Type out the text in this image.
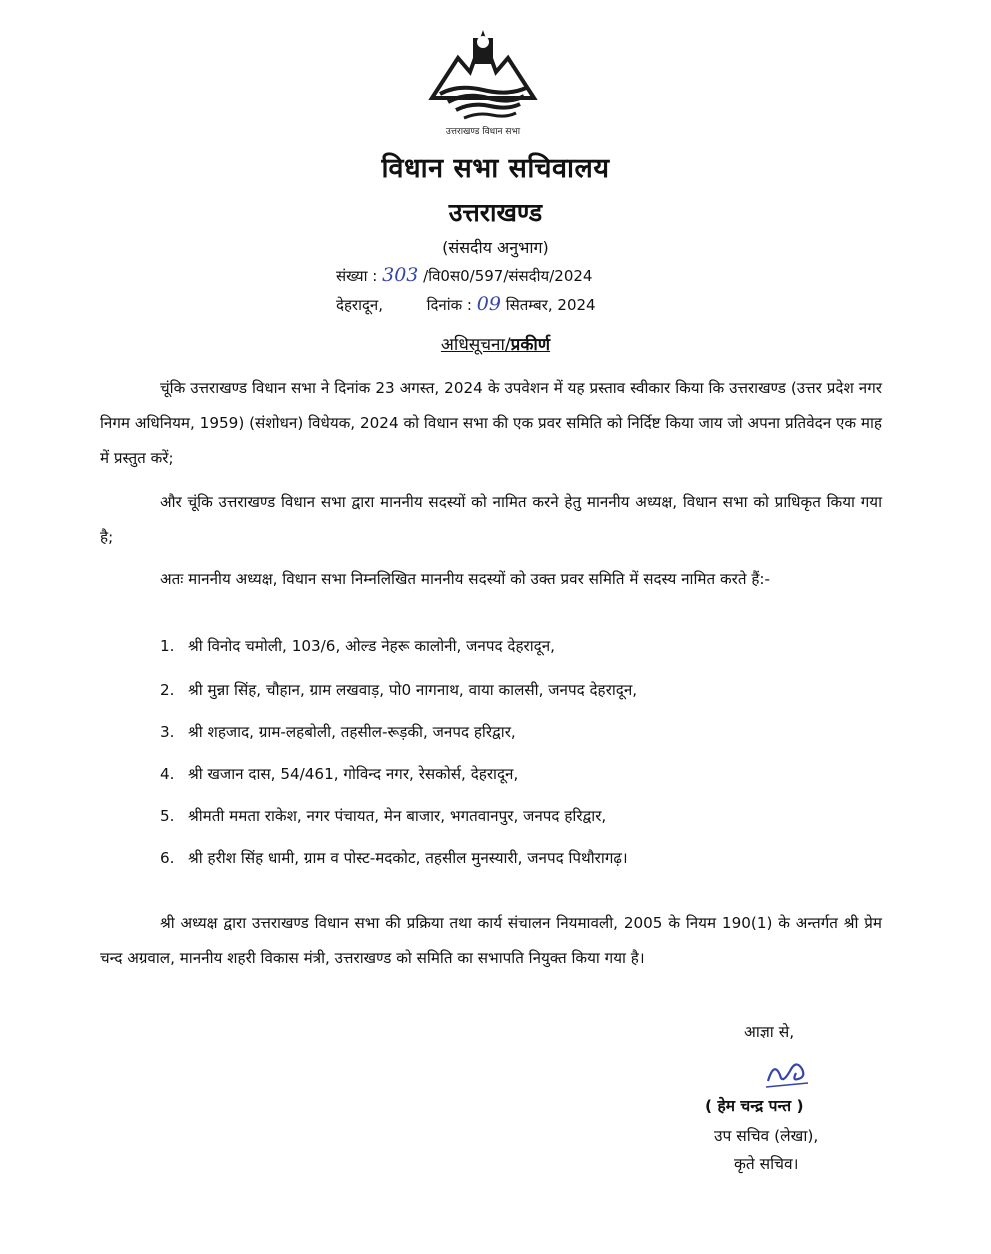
उत्तराखण्ड विधान सभा
विधान सभा सचिवालय
उत्तराखण्ड
(संसदीय अनुभाग)
संख्या : 303 /वि0स0/597/संसदीय/2024
देहरादून,	दिनांक : 09 सितम्बर, 2024
अधिसूचना/प्रकीर्ण
चूंकि उत्तराखण्ड विधान सभा ने दिनांक 23 अगस्त, 2024 के उपवेशन में यह प्रस्ताव स्वीकार किया कि उत्तराखण्ड (उत्तर प्रदेश नगर निगम अधिनियम, 1959) (संशोधन) विधेयक, 2024 को विधान सभा की एक प्रवर समिति को निर्दिष्ट किया जाय जो अपना प्रतिवेदन एक माह में प्रस्तुत करें;
और चूंकि उत्तराखण्ड विधान सभा द्वारा माननीय सदस्यों को नामित करने हेतु माननीय अध्यक्ष, विधान सभा को प्राधिकृत किया गया है;
अतः माननीय अध्यक्ष, विधान सभा निम्नलिखित माननीय सदस्यों को उक्त प्रवर समिति में सदस्य नामित करते हैं:-
1. श्री विनोद चमोली, 103/6, ओल्ड नेहरू कालोनी, जनपद देहरादून,
2. श्री मुन्ना सिंह, चौहान, ग्राम लखवाड़, पो0 नागनाथ, वाया कालसी, जनपद देहरादून,
3. श्री शहजाद, ग्राम-लहबोली, तहसील-रूड़की, जनपद हरिद्वार,
4. श्री खजान दास, 54/461, गोविन्द नगर, रेसकोर्स, देहरादून,
5. श्रीमती ममता राकेश, नगर पंचायत, मेन बाजार, भगतवानपुर, जनपद हरिद्वार,
6. श्री हरीश सिंह धामी, ग्राम व पोस्ट-मदकोट, तहसील मुनस्यारी, जनपद पिथौरागढ़।
श्री अध्यक्ष द्वारा उत्तराखण्ड विधान सभा की प्रक्रिया तथा कार्य संचालन नियमावली, 2005 के नियम 190(1) के अन्तर्गत श्री प्रेम चन्द अग्रवाल, माननीय शहरी विकास मंत्री, उत्तराखण्ड को समिति का सभापति नियुक्त किया गया है।
आज्ञा से,
( हेम चन्द्र पन्त )
उप सचिव (लेखा),
कृते सचिव।
